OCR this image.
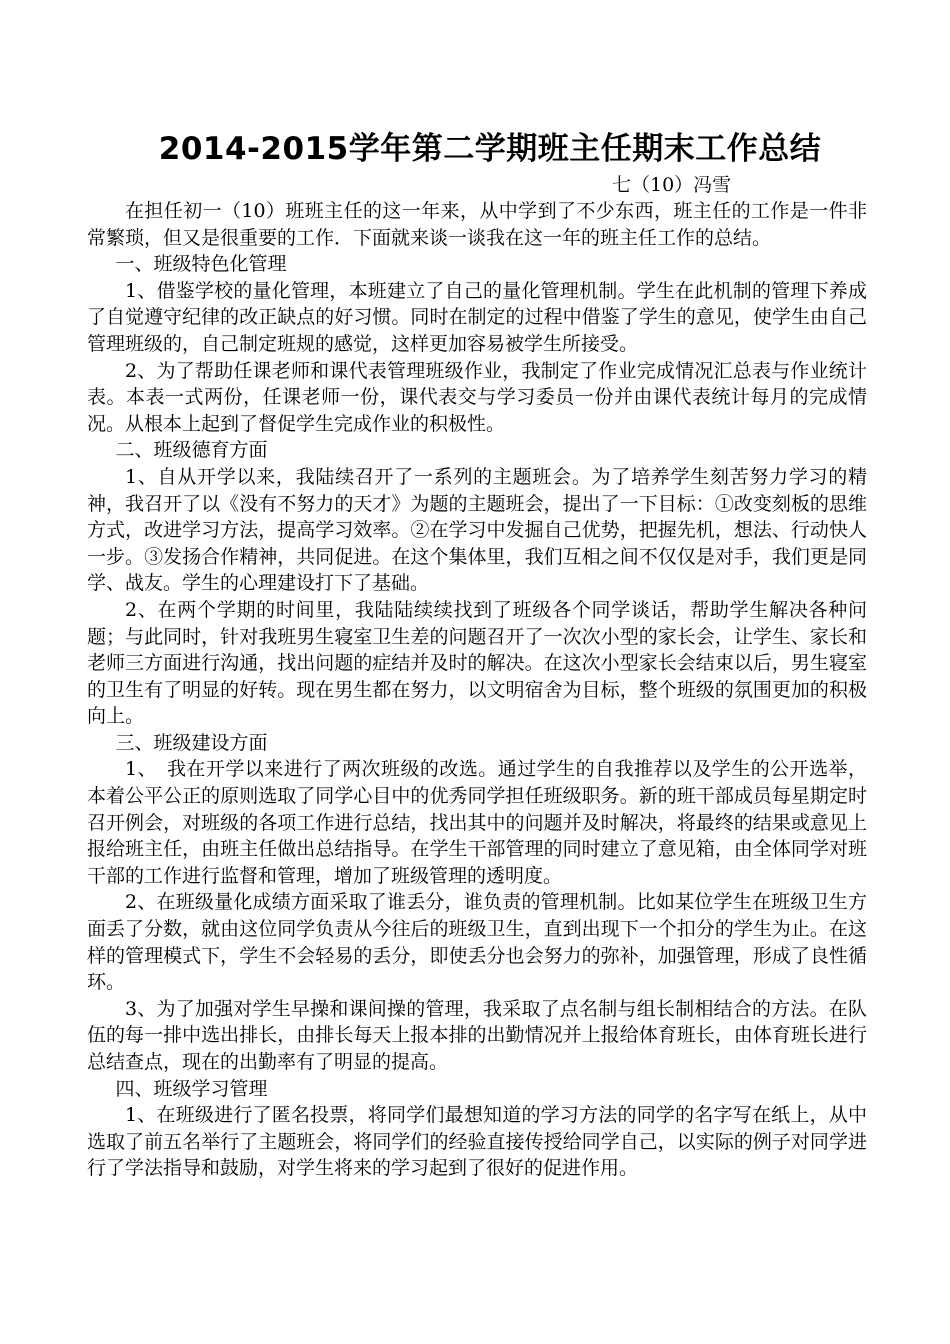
2014-2015学年第二学期班主任期末工作总结
七（10）冯雪

在担任初一（10）班班主任的这一年来，从中学到了不少东西，班主任的工作是一件非常繁琐，但又是很重要的工作．下面就来谈一谈我在这一年的班主任工作的总结。

一、班级特色化管理

1、借鉴学校的量化管理，本班建立了自己的量化管理机制。学生在此机制的管理下养成了自觉遵守纪律的改正缺点的好习惯。同时在制定的过程中借鉴了学生的意见，使学生由自己管理班级的，自己制定班规的感觉，这样更加容易被学生所接受。

2、为了帮助任课老师和课代表管理班级作业，我制定了作业完成情况汇总表与作业统计表。本表一式两份，任课老师一份，课代表交与学习委员一份并由课代表统计每月的完成情况。从根本上起到了督促学生完成作业的积极性。

二、班级德育方面

1、自从开学以来，我陆续召开了一系列的主题班会。为了培养学生刻苦努力学习的精神，我召开了以《没有不努力的天才》为题的主题班会，提出了一下目标：①改变刻板的思维方式，改进学习方法，提高学习效率。②在学习中发掘自己优势，把握先机，想法、行动快人一步。③发扬合作精神，共同促进。在这个集体里，我们互相之间不仅仅是对手，我们更是同学、战友。学生的心理建设打下了基础。

2、在两个学期的时间里，我陆陆续续找到了班级各个同学谈话，帮助学生解决各种问题；与此同时，针对我班男生寝室卫生差的问题召开了一次次小型的家长会，让学生、家长和老师三方面进行沟通，找出问题的症结并及时的解决。在这次小型家长会结束以后，男生寝室的卫生有了明显的好转。现在男生都在努力，以文明宿舍为目标，整个班级的氛围更加的积极向上。

三、班级建设方面

1、　我在开学以来进行了两次班级的改选。通过学生的自我推荐以及学生的公开选举，本着公平公正的原则选取了同学心目中的优秀同学担任班级职务。新的班干部成员每星期定时召开例会，对班级的各项工作进行总结，找出其中的问题并及时解决，将最终的结果或意见上报给班主任，由班主任做出总结指导。在学生干部管理的同时建立了意见箱，由全体同学对班干部的工作进行监督和管理，增加了班级管理的透明度。

2、在班级量化成绩方面采取了谁丢分，谁负责的管理机制。比如某位学生在班级卫生方面丢了分数，就由这位同学负责从今往后的班级卫生，直到出现下一个扣分的学生为止。在这样的管理模式下，学生不会轻易的丢分，即使丢分也会努力的弥补，加强管理，形成了良性循环。

3、为了加强对学生早操和课间操的管理，我采取了点名制与组长制相结合的方法。在队伍的每一排中选出排长，由排长每天上报本排的出勤情况并上报给体育班长，由体育班长进行总结查点，现在的出勤率有了明显的提高。

四、班级学习管理

1、在班级进行了匿名投票，将同学们最想知道的学习方法的同学的名字写在纸上，从中选取了前五名举行了主题班会，将同学们的经验直接传授给同学自己，以实际的例子对同学进行了学法指导和鼓励，对学生将来的学习起到了很好的促进作用。
